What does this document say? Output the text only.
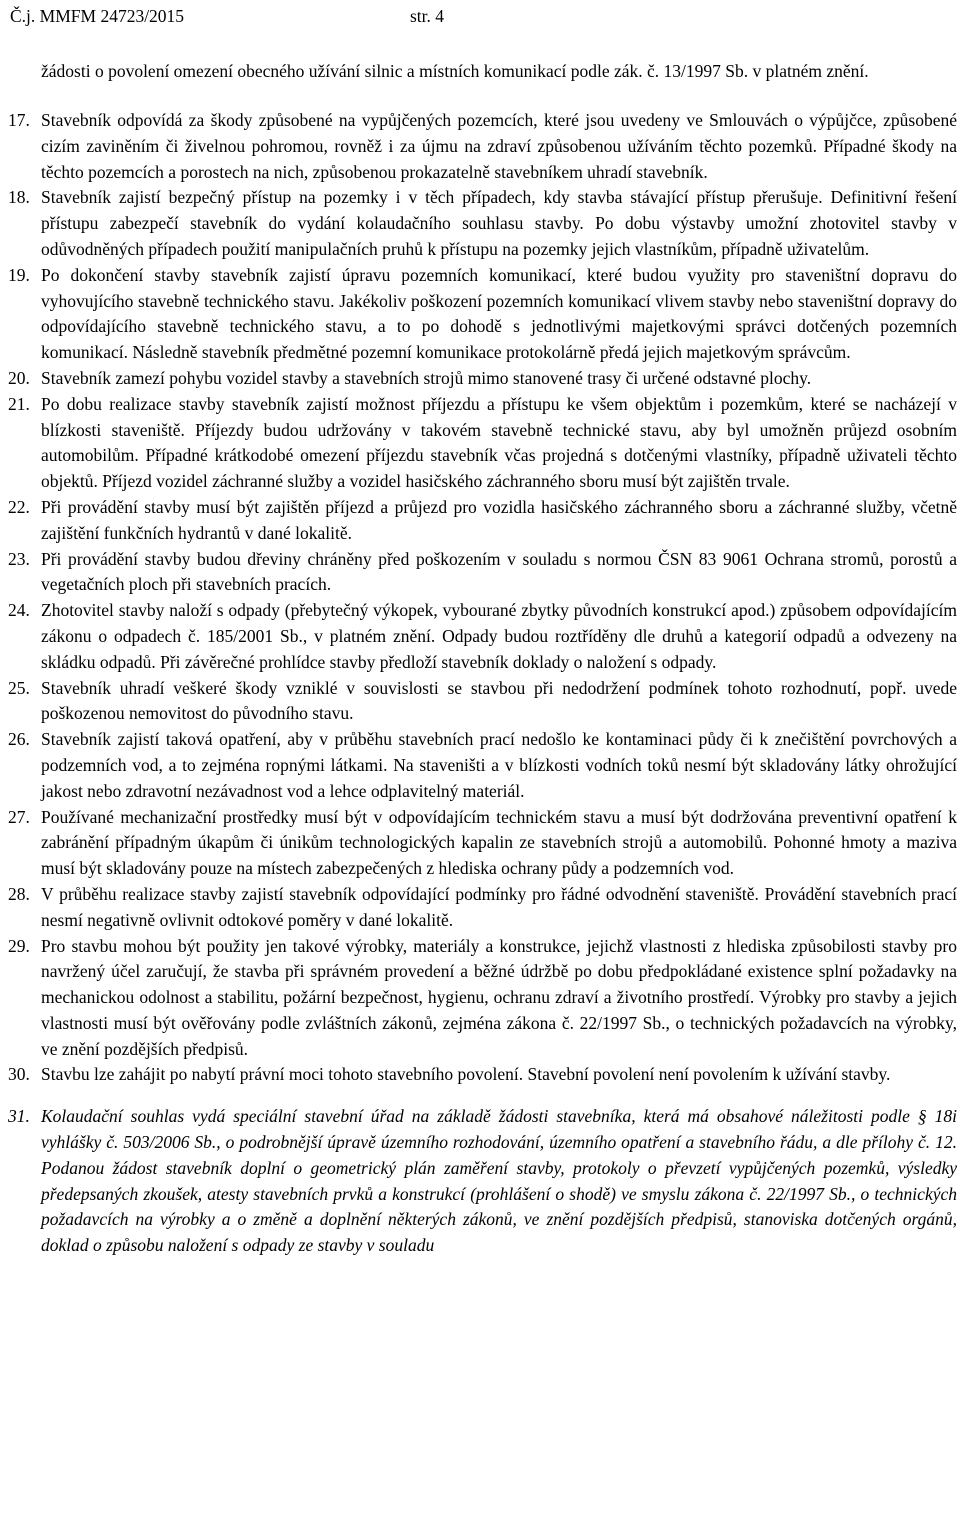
Č.j. MMFM 24723/2015	str. 4
žádosti o povolení omezení obecného užívání silnic a místních komunikací podle zák. č. 13/1997 Sb. v platném znění.
17. Stavebník odpovídá za škody způsobené na vypůjčených pozemcích, které jsou uvedeny ve Smlouvách o výpůjčce, způsobené cizím zaviněním či živelnou pohromou, rovněž i za újmu na zdraví způsobenou užíváním těchto pozemků. Případné škody na těchto pozemcích a porostech na nich, způsobenou prokazatelně stavebníkem uhradí stavebník.
18. Stavebník zajistí bezpečný přístup na pozemky i v těch případech, kdy stavba stávající přístup přerušuje. Definitivní řešení přístupu zabezpečí stavebník do vydání kolaudačního souhlasu stavby. Po dobu výstavby umožní zhotovitel stavby v odůvodněných případech použití manipulačních pruhů k přístupu na pozemky jejich vlastníkům, případně uživatelům.
19. Po dokončení stavby stavebník zajistí úpravu pozemních komunikací, které budou využity pro staveništní dopravu do vyhovujícího stavebně technického stavu. Jakékoliv poškození pozemních komunikací vlivem stavby nebo staveništní dopravy do odpovídajícího stavebně technického stavu, a to po dohodě s jednotlivými majetkovými správci dotčených pozemních komunikací. Následně stavebník předmětné pozemní komunikace protokolárně předá jejich majetkovým správcům.
20. Stavebník zamezí pohybu vozidel stavby a stavebních strojů mimo stanovené trasy či určené odstavné plochy.
21. Po dobu realizace stavby stavebník zajistí možnost příjezdu a přístupu ke všem objektům i pozemkům, které se nacházejí v blízkosti staveniště. Příjezdy budou udržovány v takovém stavebně technické stavu, aby byl umožněn průjezd osobním automobilům. Případné krátkodobé omezení příjezdu stavebník včas projedná s dotčenými vlastníky, případně uživateli těchto objektů. Příjezd vozidel záchranné služby a vozidel hasičského záchranného sboru musí být zajištěn trvale.
22. Při provádění stavby musí být zajištěn příjezd a průjezd pro vozidla hasičského záchranného sboru a záchranné služby, včetně zajištění funkčních hydrantů v dané lokalitě.
23. Při provádění stavby budou dřeviny chráněny před poškozením v souladu s normou ČSN 83 9061 Ochrana stromů, porostů a vegetačních ploch při stavebních pracích.
24. Zhotovitel stavby naloží s odpady (přebytečný výkopek, vybourané zbytky původních konstrukcí apod.) způsobem odpovídajícím zákonu o odpadech č. 185/2001 Sb., v platném znění. Odpady budou roztříděny dle druhů a kategorií odpadů a odvezeny na skládku odpadů. Při závěrečné prohlídce stavby předloží stavebník doklady o naložení s odpady.
25. Stavebník uhradí veškeré škody vzniklé v souvislosti se stavbou při nedodržení podmínek tohoto rozhodnutí, popř. uvede poškozenou nemovitost do původního stavu.
26. Stavebník zajistí taková opatření, aby v průběhu stavebních prací nedošlo ke kontaminaci půdy či k znečištění povrchových a podzemních vod, a to zejména ropnými látkami. Na staveništi a v blízkosti vodních toků nesmí být skladovány látky ohrožující jakost nebo zdravotní nezávadnost vod a lehce odplavitelný materiál.
27. Používané mechanizační prostředky musí být v odpovídajícím technickém stavu a musí být dodržována preventivní opatření k zabránění případným úkapům či únikům technologických kapalin ze stavebních strojů a automobilů. Pohonné hmoty a maziva musí být skladovány pouze na místech zabezpečených z hlediska ochrany půdy a podzemních vod.
28. V průběhu realizace stavby zajistí stavebník odpovídající podmínky pro řádné odvodnění staveniště. Provádění stavebních prací nesmí negativně ovlivnit odtokové poměry v dané lokalitě.
29. Pro stavbu mohou být použity jen takové výrobky, materiály a konstrukce, jejichž vlastnosti z hlediska způsobilosti stavby pro navržený účel zaručují, že stavba při správném provedení a běžné údržbě po dobu předpokládané existence splní požadavky na mechanickou odolnost a stabilitu, požární bezpečnost, hygienu, ochranu zdraví a životního prostředí. Výrobky pro stavby a jejich vlastnosti musí být ověřovány podle zvláštních zákonů, zejména zákona č. 22/1997 Sb., o technických požadavcích na výrobky, ve znění pozdějších předpisů.
30. Stavbu lze zahájit po nabytí právní moci tohoto stavebního povolení. Stavební povolení není povolením k užívání stavby.
31. Kolaudační souhlas vydá speciální stavební úřad na základě žádosti stavebníka, která má obsahové náležitosti podle § 18i vyhlášky č. 503/2006 Sb., o podrobnější úpravě územního rozhodování, územního opatření a stavebního řádu, a dle přílohy č. 12. Podanou žádost stavebník doplní o geometrický plán zaměření stavby, protokoly o převzetí vypůjčených pozemků, výsledky předepsaných zkoušek, atesty stavebních prvků a konstrukcí (prohlášení o shodě) ve smyslu zákona č. 22/1997 Sb., o technických požadavcích na výrobky a o změně a doplnění některých zákonů, ve znění pozdějších předpisů, stanoviska dotčených orgánů, doklad o způsobu naložení s odpady ze stavby v souladu
